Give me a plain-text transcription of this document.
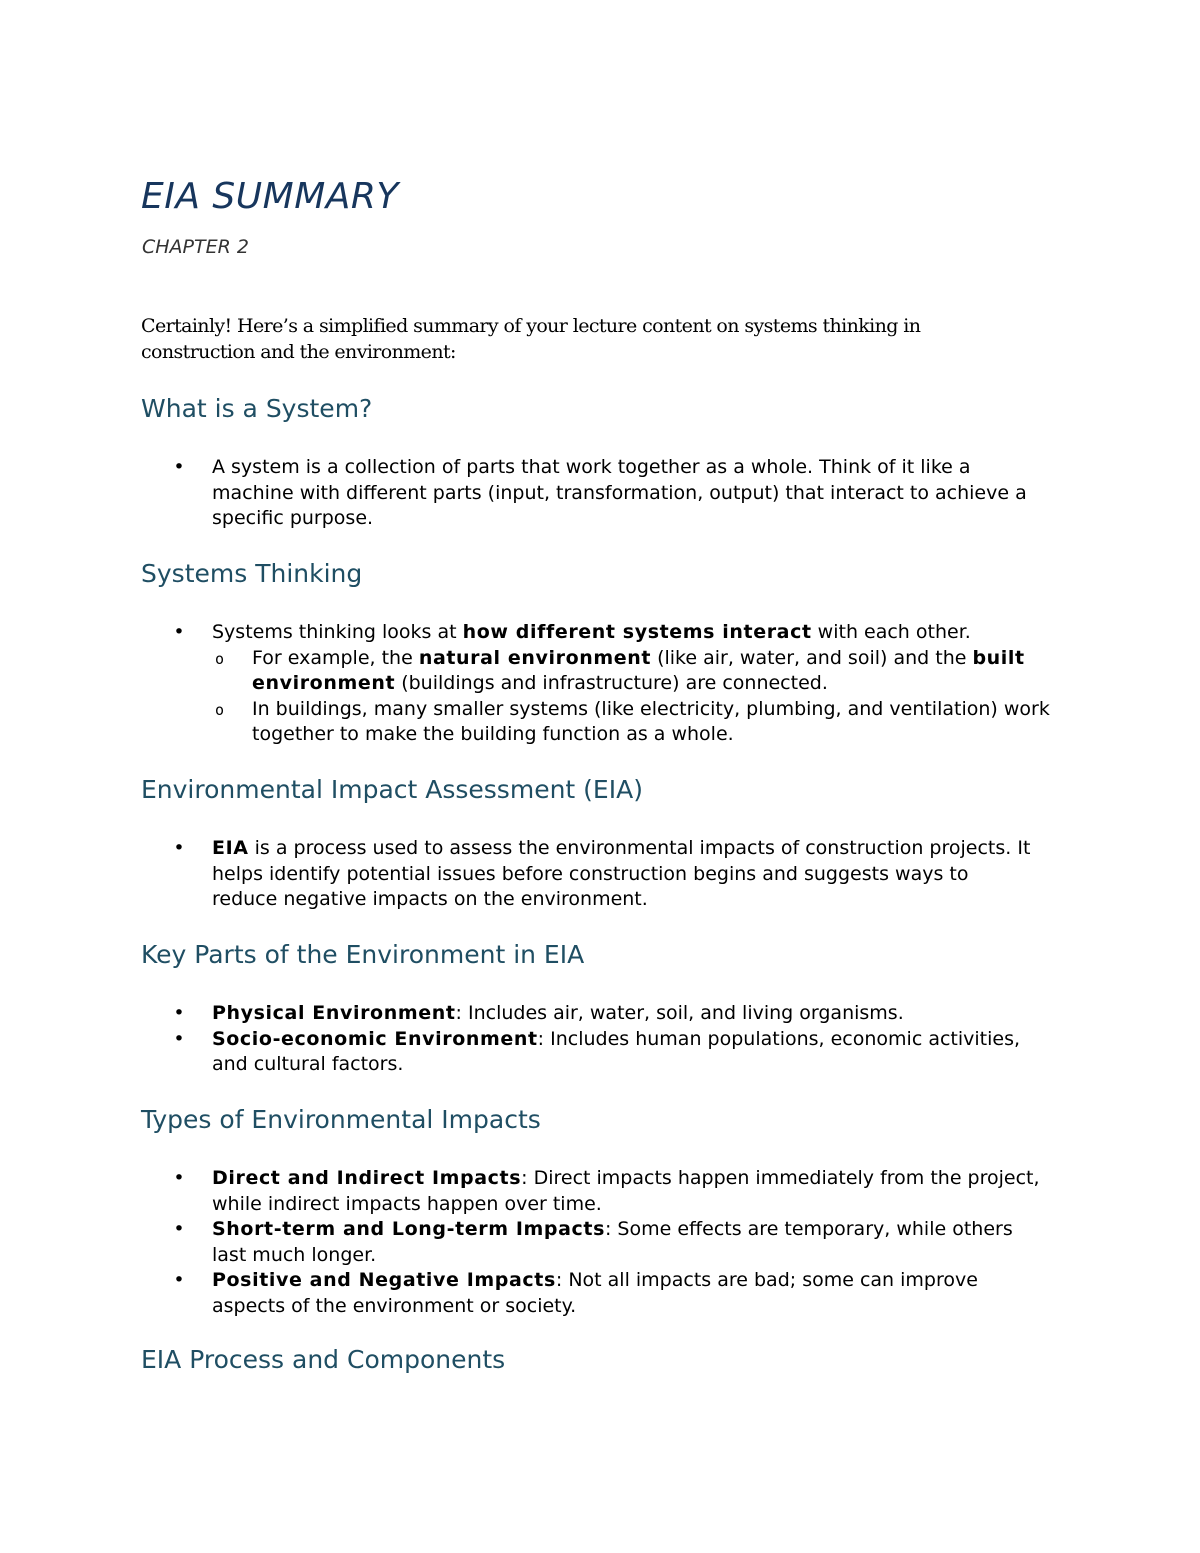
EIA SUMMARY

CHAPTER 2

Certainly! Here’s a simplified summary of your lecture content on systems thinking in construction and the environment:

What is a System?
• A system is a collection of parts that work together as a whole. Think of it like a machine with different parts (input, transformation, output) that interact to achieve a specific purpose.
Systems Thinking
• Systems thinking looks at how different systems interact with each other.
o For example, the natural environment (like air, water, and soil) and the built environment (buildings and infrastructure) are connected.
o In buildings, many smaller systems (like electricity, plumbing, and ventilation) work together to make the building function as a whole.
Environmental Impact Assessment (EIA)
• EIA is a process used to assess the environmental impacts of construction projects. It helps identify potential issues before construction begins and suggests ways to reduce negative impacts on the environment.
Key Parts of the Environment in EIA
• Physical Environment: Includes air, water, soil, and living organisms.
• Socio-economic Environment: Includes human populations, economic activities, and cultural factors.
Types of Environmental Impacts
• Direct and Indirect Impacts: Direct impacts happen immediately from the project, while indirect impacts happen over time.
• Short-term and Long-term Impacts: Some effects are temporary, while others last much longer.
• Positive and Negative Impacts: Not all impacts are bad; some can improve aspects of the environment or society.
EIA Process and Components
